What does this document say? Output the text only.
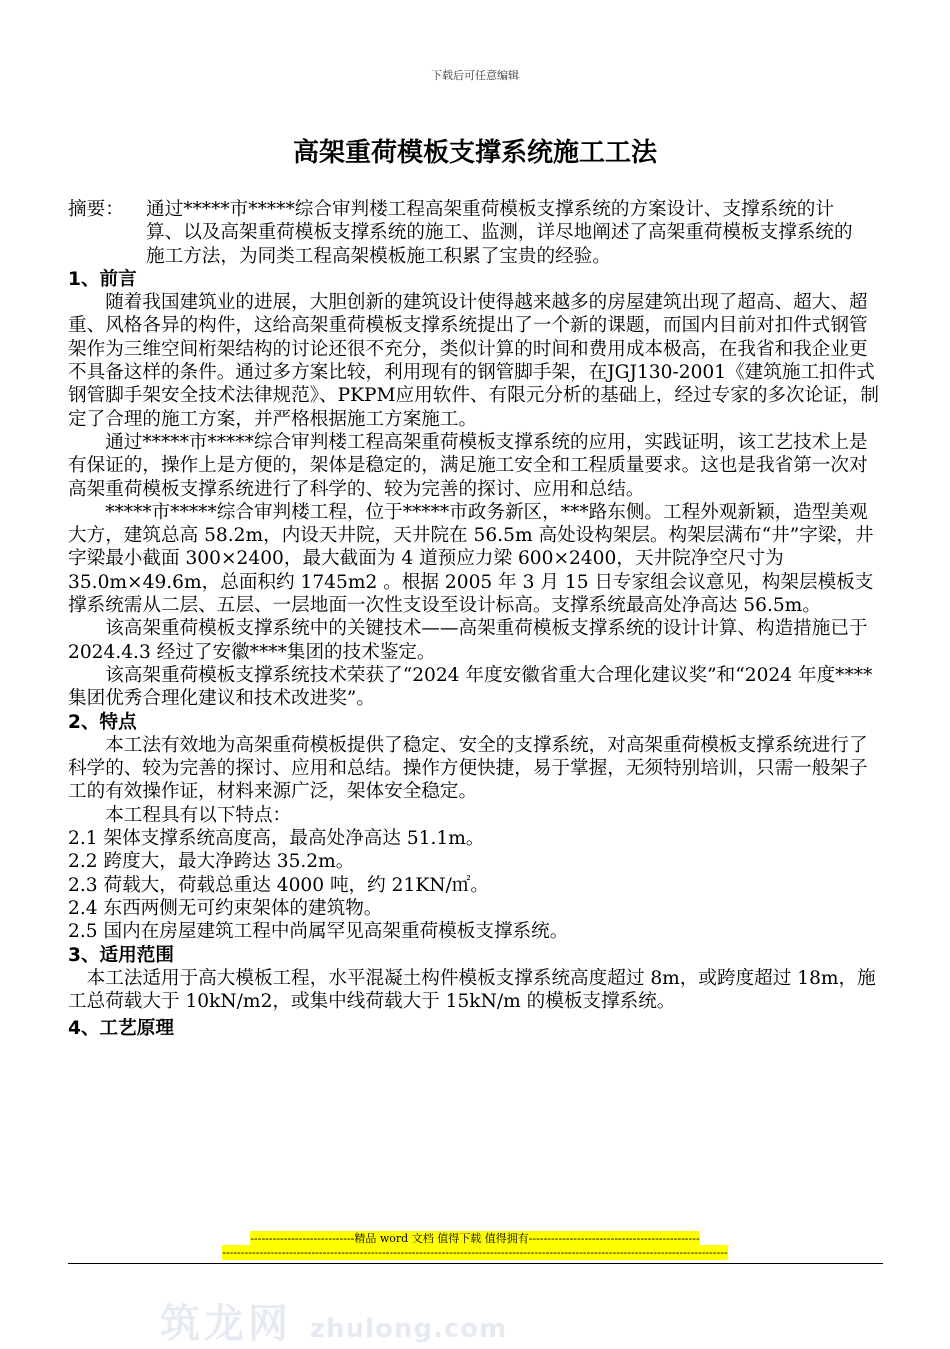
下载后可任意编辑
高架重荷模板支撑系统施工工法
摘要：	通过*****市*****综合审判楼工程高架重荷模板支撑系统的方案设计、支撑系统的计算、以及高架重荷模板支撑系统的施工、监测，详尽地阐述了高架重荷模板支撑系统的施工方法，为同类工程高架模板施工积累了宝贵的经验。

1、前言

随着我国建筑业的进展，大胆创新的建筑设计使得越来越多的房屋建筑出现了超高、超大、超重、风格各异的构件，这给高架重荷模板支撑系统提出了一个新的课题，而国内目前对扣件式钢管架作为三维空间桁架结构的讨论还很不充分，类似计算的时间和费用成本极高，在我省和我企业更不具备这样的条件。通过多方案比较，利用现有的钢管脚手架，在JGJ130-2001《建筑施工扣件式钢管脚手架安全技术法律规范》、PKPM应用软件、有限元分析的基础上，经过专家的多次论证，制定了合理的施工方案，并严格根据施工方案施工。

通过*****市*****综合审判楼工程高架重荷模板支撑系统的应用，实践证明，该工艺技术上是有保证的，操作上是方便的，架体是稳定的，满足施工安全和工程质量要求。这也是我省第一次对高架重荷模板支撑系统进行了科学的、较为完善的探讨、应用和总结。

*****市*****综合审判楼工程，位于*****市政务新区，***路东侧。工程外观新颖，造型美观大方，建筑总高 58.2m，内设天井院，天井院在 56.5m 高处设构架层。构架层满布“井”字梁，井字梁最小截面 300×2400，最大截面为 4 道预应力梁 600×2400，天井院净空尺寸为 35.0m×49.6m，总面积约 1745m2 。根据 2005 年 3 月 15 日专家组会议意见，构架层模板支撑系统需从二层、五层、一层地面一次性支设至设计标高。支撑系统最高处净高达 56.5m。

该高架重荷模板支撑系统中的关键技术——高架重荷模板支撑系统的设计计算、构造措施已于 2024.4.3 经过了安徽****集团的技术鉴定。

该高架重荷模板支撑系统技术荣获了“2024 年度安徽省重大合理化建议奖”和“2024 年度****集团优秀合理化建议和技术改进奖”。

2、特点

本工法有效地为高架重荷模板提供了稳定、安全的支撑系统，对高架重荷模板支撑系统进行了科学的、较为完善的探讨、应用和总结。操作方便快捷，易于掌握，无须特别培训，只需一般架子工的有效操作证，材料来源广泛，架体安全稳定。

本工程具有以下特点：

2.1 架体支撑系统高度高，最高处净高达 51.1m。

2.2 跨度大，最大净跨达 35.2m。

2.3 荷载大，荷载总重达 4000 吨，约 21KN/㎡。

2.4 东西两侧无可约束架体的建筑物。

2.5 国内在房屋建筑工程中尚属罕见高架重荷模板支撑系统。

3、适用范围

本工法适用于高大模板工程，水平混凝土构件模板支撑系统高度超过 8m，或跨度超过 18m，施工总荷载大于 10kN/m2，或集中线荷载大于 15kN/m 的模板支撑系统。

4、工艺原理

----------------------------精品 word 文档 值得下载 值得拥有----------------------------------------------
----------------------------------------------------------------------------------------------------------------------------------------
筑龙网 zhulong.com
